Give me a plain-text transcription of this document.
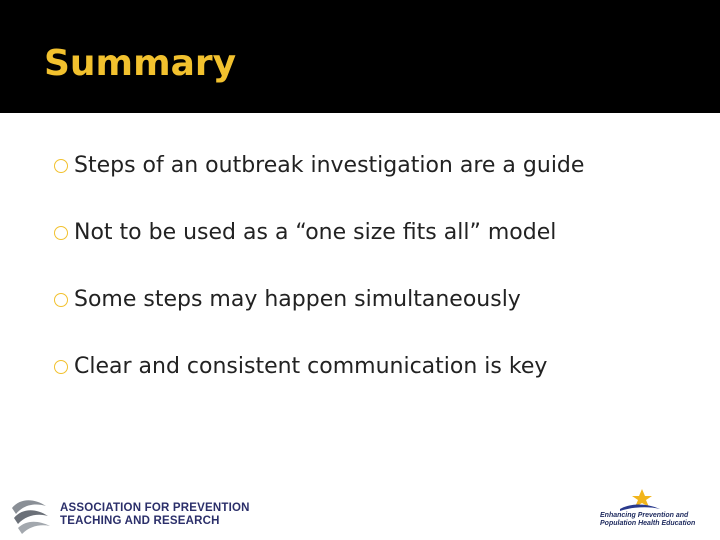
Summary
Steps of an outbreak investigation are a guide
Not to be used as a “one size fits all” model
Some steps may happen simultaneously
Clear and consistent communication is key
ASSOCIATION FOR PREVENTION
TEACHING AND RESEARCH	Enhancing Prevention and
Population Health Education
